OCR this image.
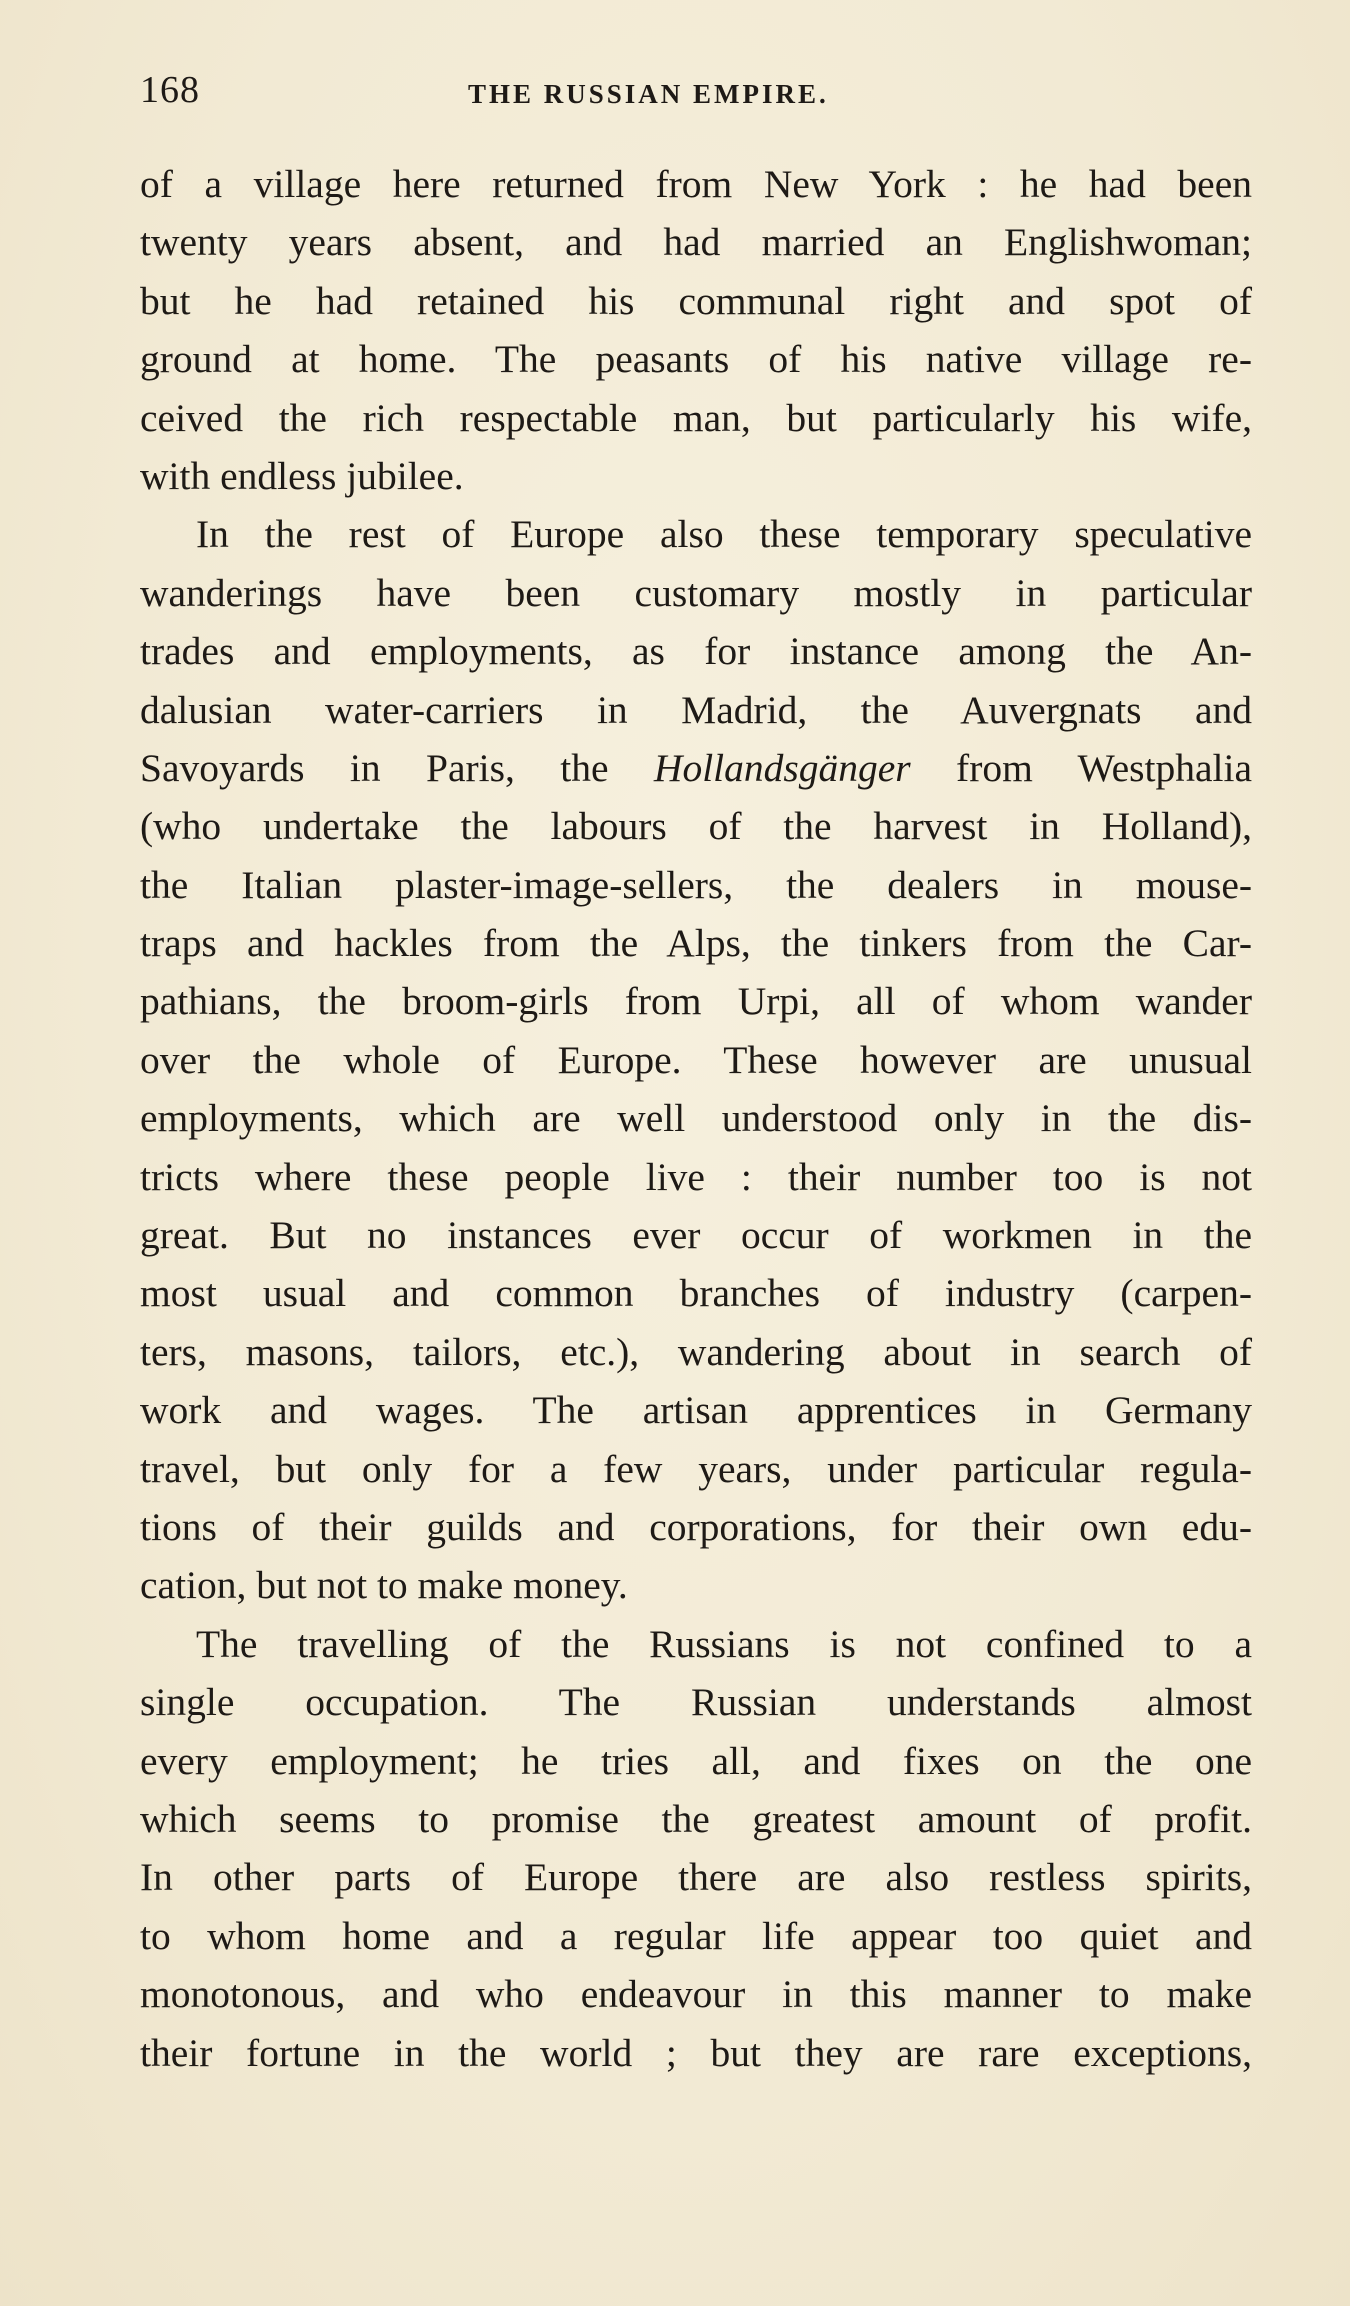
168	THE RUSSIAN EMPIRE.

of a village here returned from New York : he had been
twenty years absent, and had married an Englishwoman;
but he had retained his communal right and spot of
ground at home. The peasants of his native village re-
ceived the rich respectable man, but particularly his wife,
with endless jubilee.

In the rest of Europe also these temporary speculative
wanderings have been customary mostly in particular
trades and employments, as for instance among the An-
dalusian water-carriers in Madrid, the Auvergnats and
Savoyards in Paris, the Hollandsgänger from Westphalia
(who undertake the labours of the harvest in Holland),
the Italian plaster-image-sellers, the dealers in mouse-
traps and hackles from the Alps, the tinkers from the Car-
pathians, the broom-girls from Urpi, all of whom wander
over the whole of Europe. These however are unusual
employments, which are well understood only in the dis-
tricts where these people live : their number too is not
great. But no instances ever occur of workmen in the
most usual and common branches of industry (carpen-
ters, masons, tailors, etc.), wandering about in search of
work and wages. The artisan apprentices in Germany
travel, but only for a few years, under particular regula-
tions of their guilds and corporations, for their own edu-
cation, but not to make money.

The travelling of the Russians is not confined to a
single occupation. The Russian understands almost
every employment; he tries all, and fixes on the one
which seems to promise the greatest amount of profit.
In other parts of Europe there are also restless spirits,
to whom home and a regular life appear too quiet and
monotonous, and who endeavour in this manner to make
their fortune in the world ; but they are rare exceptions,
